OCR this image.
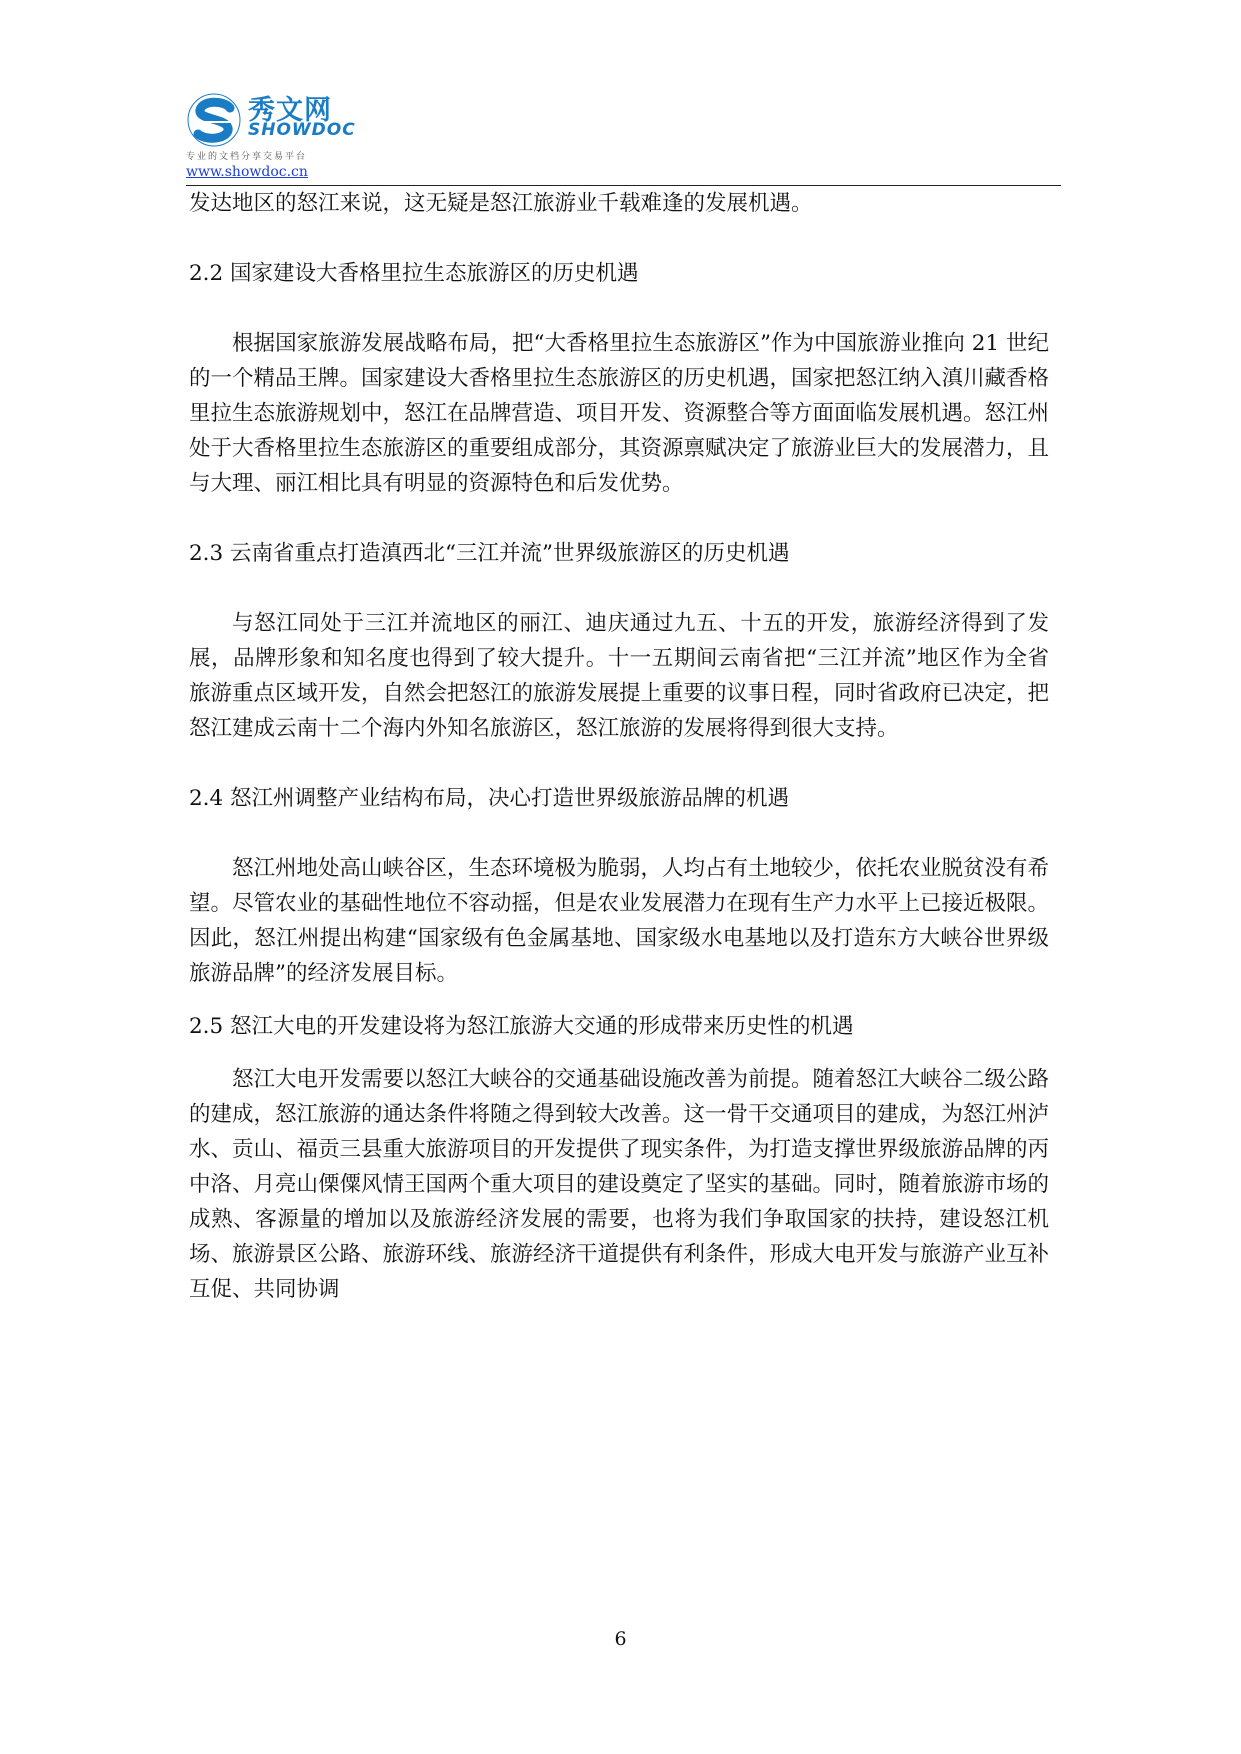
秀文网
SHOWDOC
专业的文档分享交易平台
www.showdoc.cn

发达地区的怒江来说，这无疑是怒江旅游业千载难逢的发展机遇。

2.2 国家建设大香格里拉生态旅游区的历史机遇

根据国家旅游发展战略布局，把“大香格里拉生态旅游区”作为中国旅游业推向 21 世纪的一个精品王牌。国家建设大香格里拉生态旅游区的历史机遇，国家把怒江纳入滇川藏香格里拉生态旅游规划中，怒江在品牌营造、项目开发、资源整合等方面面临发展机遇。怒江州处于大香格里拉生态旅游区的重要组成部分，其资源禀赋决定了旅游业巨大的发展潜力，且与大理、丽江相比具有明显的资源特色和后发优势。

2.3 云南省重点打造滇西北“三江并流”世界级旅游区的历史机遇

与怒江同处于三江并流地区的丽江、迪庆通过九五、十五的开发，旅游经济得到了发展，品牌形象和知名度也得到了较大提升。十一五期间云南省把“三江并流”地区作为全省旅游重点区域开发，自然会把怒江的旅游发展提上重要的议事日程，同时省政府已决定，把怒江建成云南十二个海内外知名旅游区，怒江旅游的发展将得到很大支持。

2.4 怒江州调整产业结构布局，决心打造世界级旅游品牌的机遇

怒江州地处高山峡谷区，生态环境极为脆弱，人均占有土地较少，依托农业脱贫没有希望。尽管农业的基础性地位不容动摇，但是农业发展潜力在现有生产力水平上已接近极限。因此，怒江州提出构建“国家级有色金属基地、国家级水电基地以及打造东方大峡谷世界级旅游品牌”的经济发展目标。

2.5 怒江大电的开发建设将为怒江旅游大交通的形成带来历史性的机遇

怒江大电开发需要以怒江大峡谷的交通基础设施改善为前提。随着怒江大峡谷二级公路的建成，怒江旅游的通达条件将随之得到较大改善。这一骨干交通项目的建成，为怒江州泸水、贡山、福贡三县重大旅游项目的开发提供了现实条件，为打造支撑世界级旅游品牌的丙中洛、月亮山傈僳风情王国两个重大项目的建设奠定了坚实的基础。同时，随着旅游市场的成熟、客源量的增加以及旅游经济发展的需要，也将为我们争取国家的扶持，建设怒江机场、旅游景区公路、旅游环线、旅游经济干道提供有利条件，形成大电开发与旅游产业互补互促、共同协调

6
